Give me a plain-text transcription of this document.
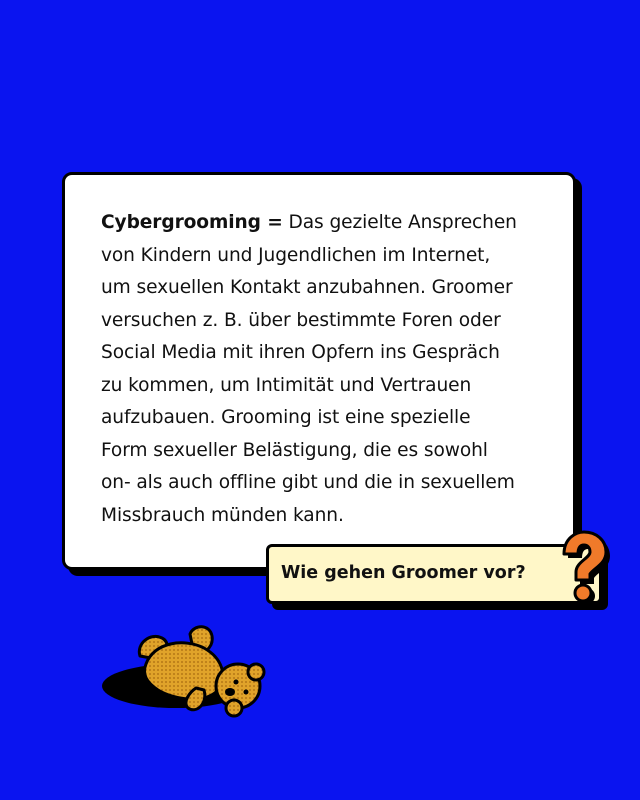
Cybergrooming = Das gezielte Ansprechen
von Kindern und Jugendlichen im Internet,
um sexuellen Kontakt anzubahnen. Groomer
versuchen z. B. über bestimmte Foren oder
Social Media mit ihren Opfern ins Gespräch
zu kommen, um Intimität und Vertrauen
aufzubauen. Grooming ist eine spezielle
Form sexueller Belästigung, die es sowohl
on- als auch offline gibt und die in sexuellem
Missbrauch münden kann.

Wie gehen Groomer vor?
